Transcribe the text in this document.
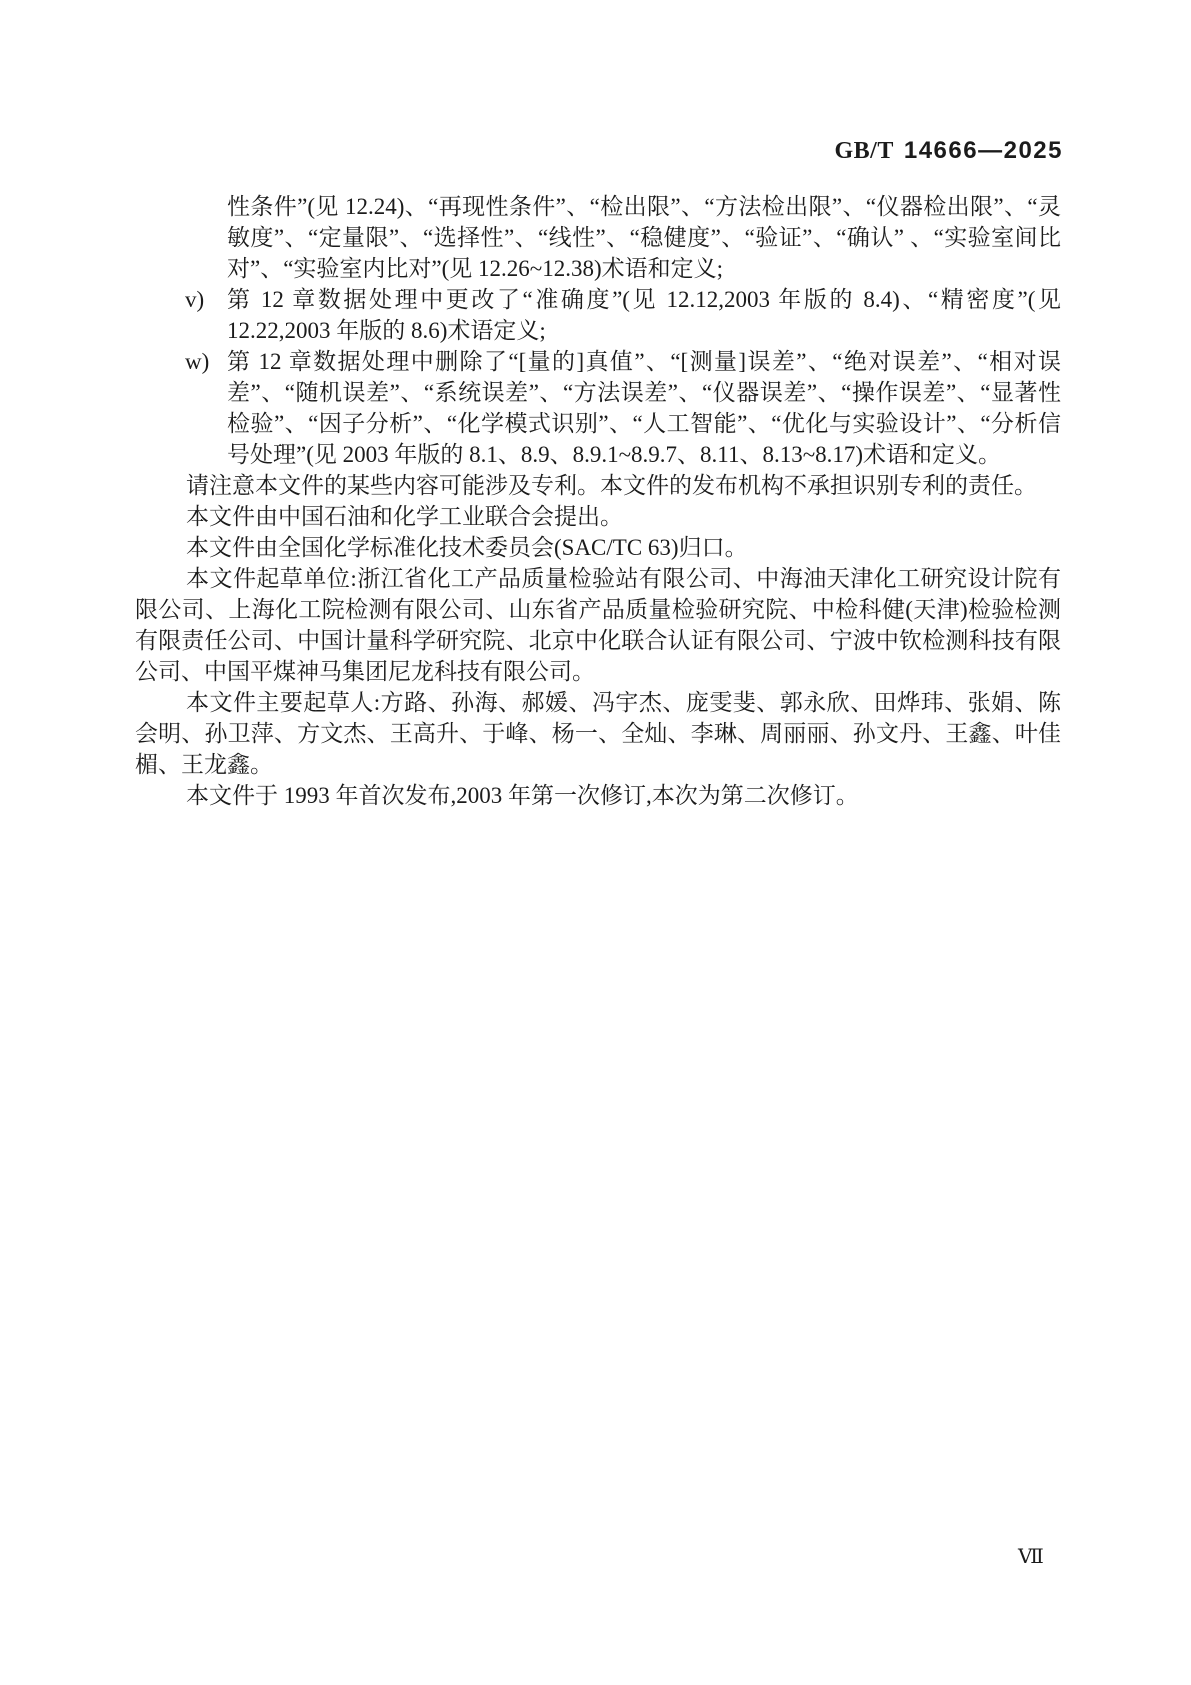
GB/T 14666—2025

性条件”(见 12.24)、“再现性条件”、“检出限”、“方法检出限”、“仪器检出限”、“灵敏度”、“定量限”、“选择性”、“线性”、“稳健度”、“验证”、“确认” 、“实验室间比对”、“实验室内比对”(见 12.26~12.38)术语和定义;

v) 第 12 章数据处理中更改了“准确度”(见 12.12,2003 年版的 8.4)、“精密度”(见 12.22,2003 年版的 8.6)术语定义;
w) 第 12 章数据处理中删除了“[量的]真值”、“[测量]误差”、“绝对误差”、“相对误差”、“随机误差”、“系统误差”、“方法误差”、“仪器误差”、“操作误差”、“显著性检验”、“因子分析”、“化学模式识别”、“人工智能”、“优化与实验设计”、“分析信号处理”(见 2003 年版的 8.1、8.9、8.9.1~8.9.7、8.11、8.13~8.17)术语和定义。

请注意本文件的某些内容可能涉及专利。本文件的发布机构不承担识别专利的责任。

本文件由中国石油和化学工业联合会提出。

本文件由全国化学标准化技术委员会(SAC/TC 63)归口。

本文件起草单位:浙江省化工产品质量检验站有限公司、中海油天津化工研究设计院有限公司、上海化工院检测有限公司、山东省产品质量检验研究院、中检科健(天津)检验检测有限责任公司、中国计量科学研究院、北京中化联合认证有限公司、宁波中钦检测科技有限公司、中国平煤神马集团尼龙科技有限公司。

本文件主要起草人:方路、孙海、郝媛、冯宇杰、庞雯斐、郭永欣、田烨玮、张娟、陈会明、孙卫萍、方文杰、王高升、于峰、杨一、全灿、李琳、周丽丽、孙文丹、王鑫、叶佳楣、王龙鑫。

本文件于 1993 年首次发布,2003 年第一次修订,本次为第二次修订。

Ⅶ
